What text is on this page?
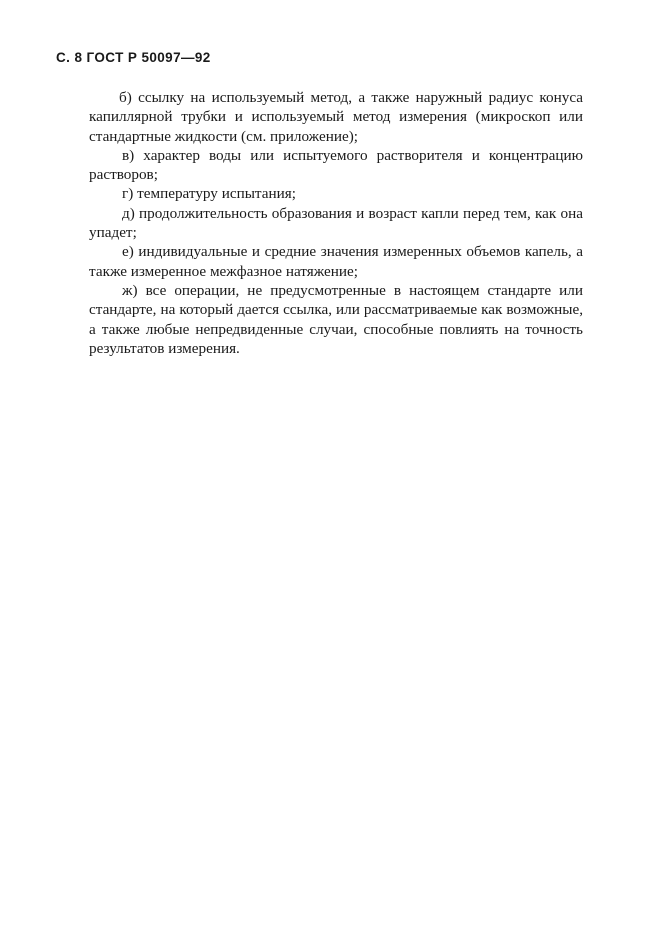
С. 8 ГОСТ Р 50097—92

б) ссылку на используемый метод, а также наружный радиус конуса капиллярной трубки и используемый метод измерения (микроскоп или стандартные жидкости (см. приложение);

в) характер воды или испытуемого растворителя и концентрацию растворов;

г) температуру испытания;

д) продолжительность образования и возраст капли перед тем, как она упадет;

е) индивидуальные и средние значения измеренных объемов капель, а также измеренное межфазное натяжение;

ж) все операции, не предусмотренные в настоящем стандарте или стандарте, на который дается ссылка, или рассматриваемые как возможные, а также любые непредвиденные случаи, способные повлиять на точность результатов измерения.
